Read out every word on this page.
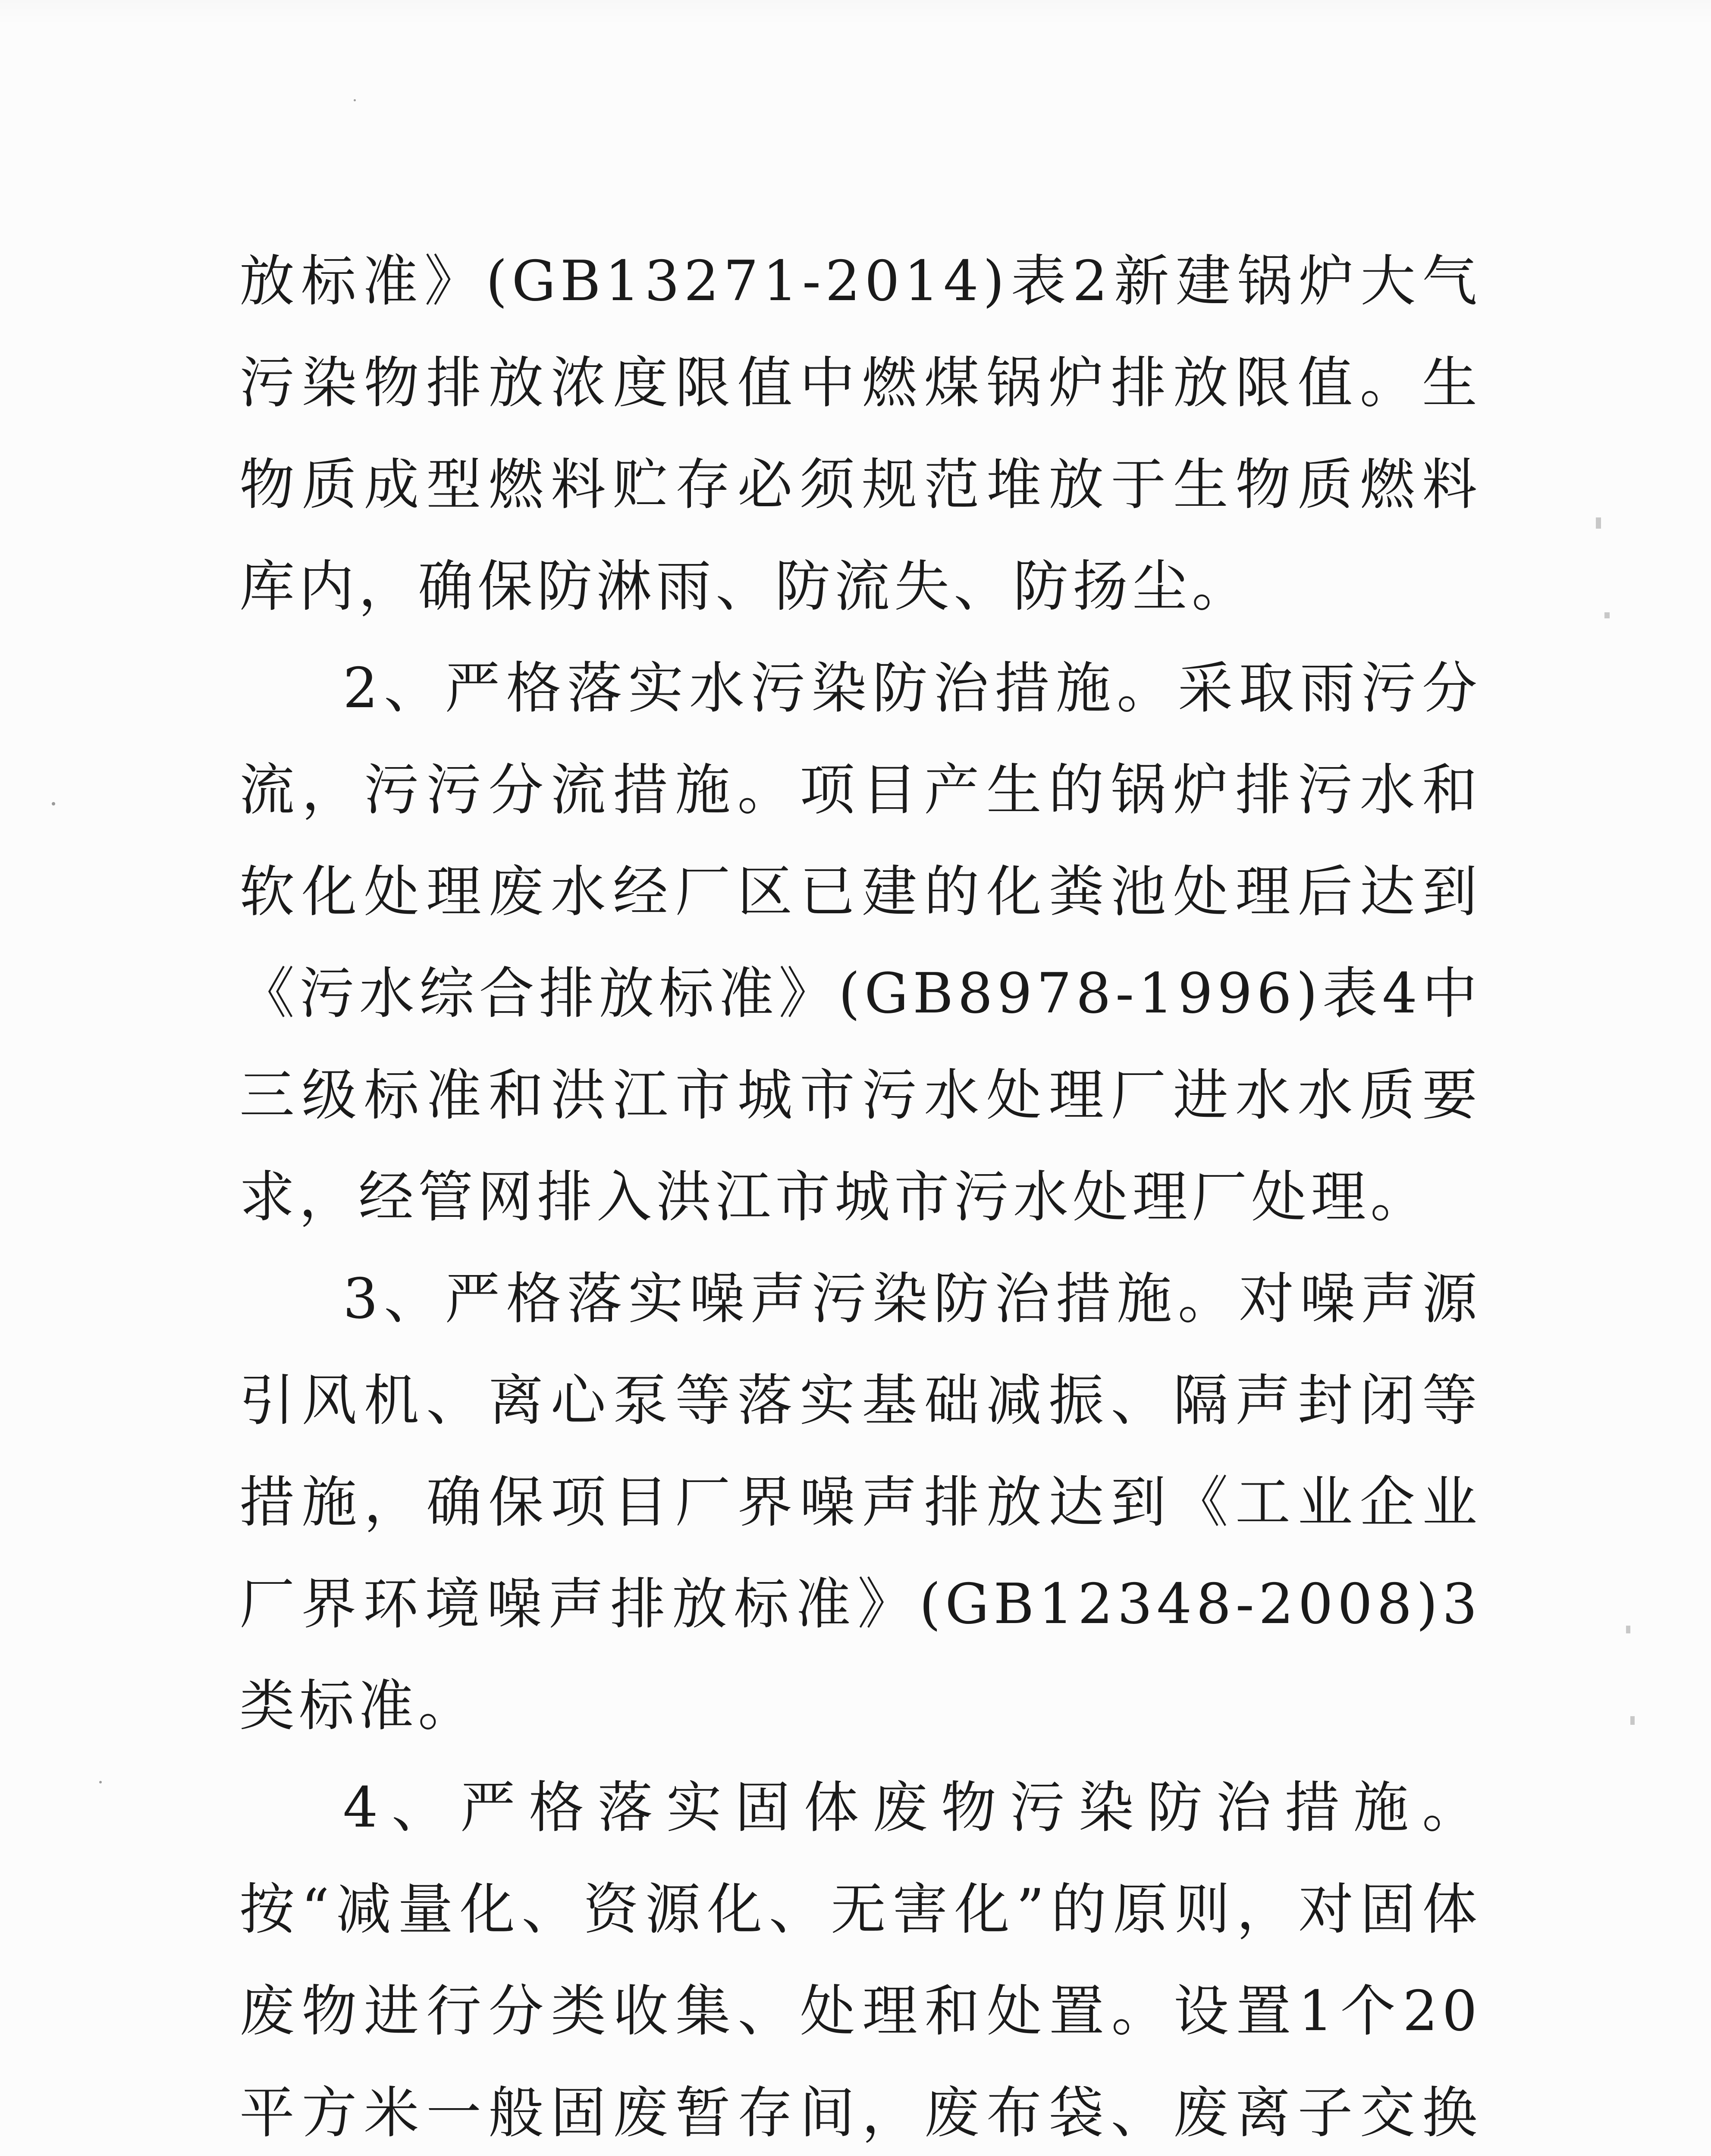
放标准》(GB13271-2014)表2新建锅炉大气污染物排放浓度限值中燃煤锅炉排放限值。生物质成型燃料贮存必须规范堆放于生物质燃料库内，确保防淋雨、防流失、防扬尘。

2、严格落实水污染防治措施。采取雨污分流，污污分流措施。项目产生的锅炉排污水和软化处理废水经厂区已建的化粪池处理后达到《污水综合排放标准》(GB8978-1996)表4中三级标准和洪江市城市污水处理厂进水水质要求，经管网排入洪江市城市污水处理厂处理。

3、严格落实噪声污染防治措施。对噪声源引风机、离心泵等落实基础减振、隔声封闭等措施，确保项目厂界噪声排放达到《工业企业厂界环境噪声排放标准》(GB12348-2008)3类标准。

4、严格落实固体废物污染防治措施。按“减量化、资源化、无害化”的原则，对固体废物进行分类收集、处理和处置。设置1个20平方米一般固废暂存间，废布袋、废离子交换
